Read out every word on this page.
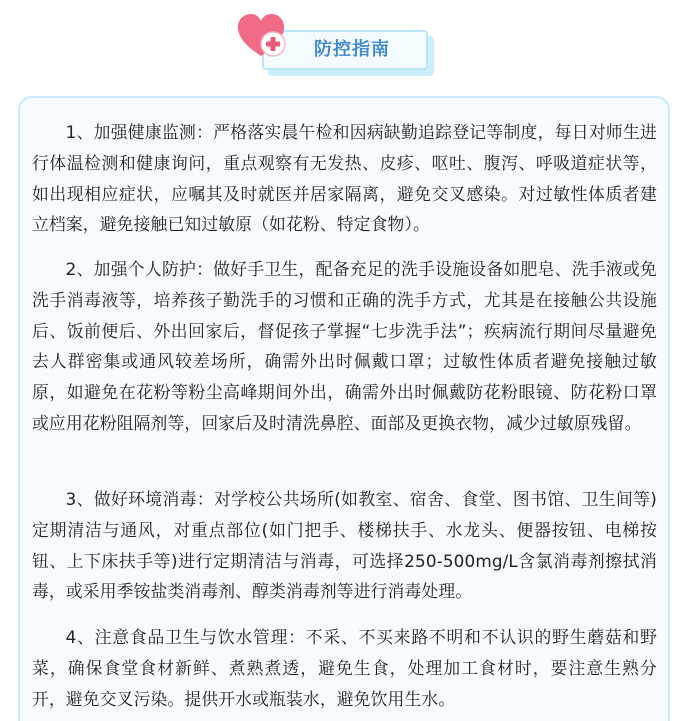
防控指南

1、加强健康监测：严格落实晨午检和因病缺勤追踪登记等制度，每日对师生进行体温检测和健康询问，重点观察有无发热、皮疹、呕吐、腹泻、呼吸道症状等，如出现相应症状，应嘱其及时就医并居家隔离，避免交叉感染。对过敏性体质者建立档案，避免接触已知过敏原（如花粉、特定食物）。

2、加强个人防护：做好手卫生，配备充足的洗手设施设备如肥皂、洗手液或免洗手消毒液等，培养孩子勤洗手的习惯和正确的洗手方式，尤其是在接触公共设施后、饭前便后、外出回家后，督促孩子掌握“七步洗手法”；疾病流行期间尽量避免去人群密集或通风较差场所，确需外出时佩戴口罩；过敏性体质者避免接触过敏原，如避免在花粉等粉尘高峰期间外出，确需外出时佩戴防花粉眼镜、防花粉口罩或应用花粉阻隔剂等，回家后及时清洗鼻腔、面部及更换衣物，减少过敏原残留。

3、做好环境消毒：对学校公共场所(如教室、宿舍、食堂、图书馆、卫生间等)定期清洁与通风，对重点部位(如门把手、楼梯扶手、水龙头、便器按钮、电梯按钮、上下床扶手等)进行定期清洁与消毒，可选择250-500mg/L含氯消毒剂擦拭消毒，或采用季铵盐类消毒剂、醇类消毒剂等进行消毒处理。

4、注意食品卫生与饮水管理：不采、不买来路不明和不认识的野生蘑菇和野菜，确保食堂食材新鲜、煮熟煮透，避免生食，处理加工食材时，要注意生熟分开，避免交叉污染。提供开水或瓶装水，避免饮用生水。
